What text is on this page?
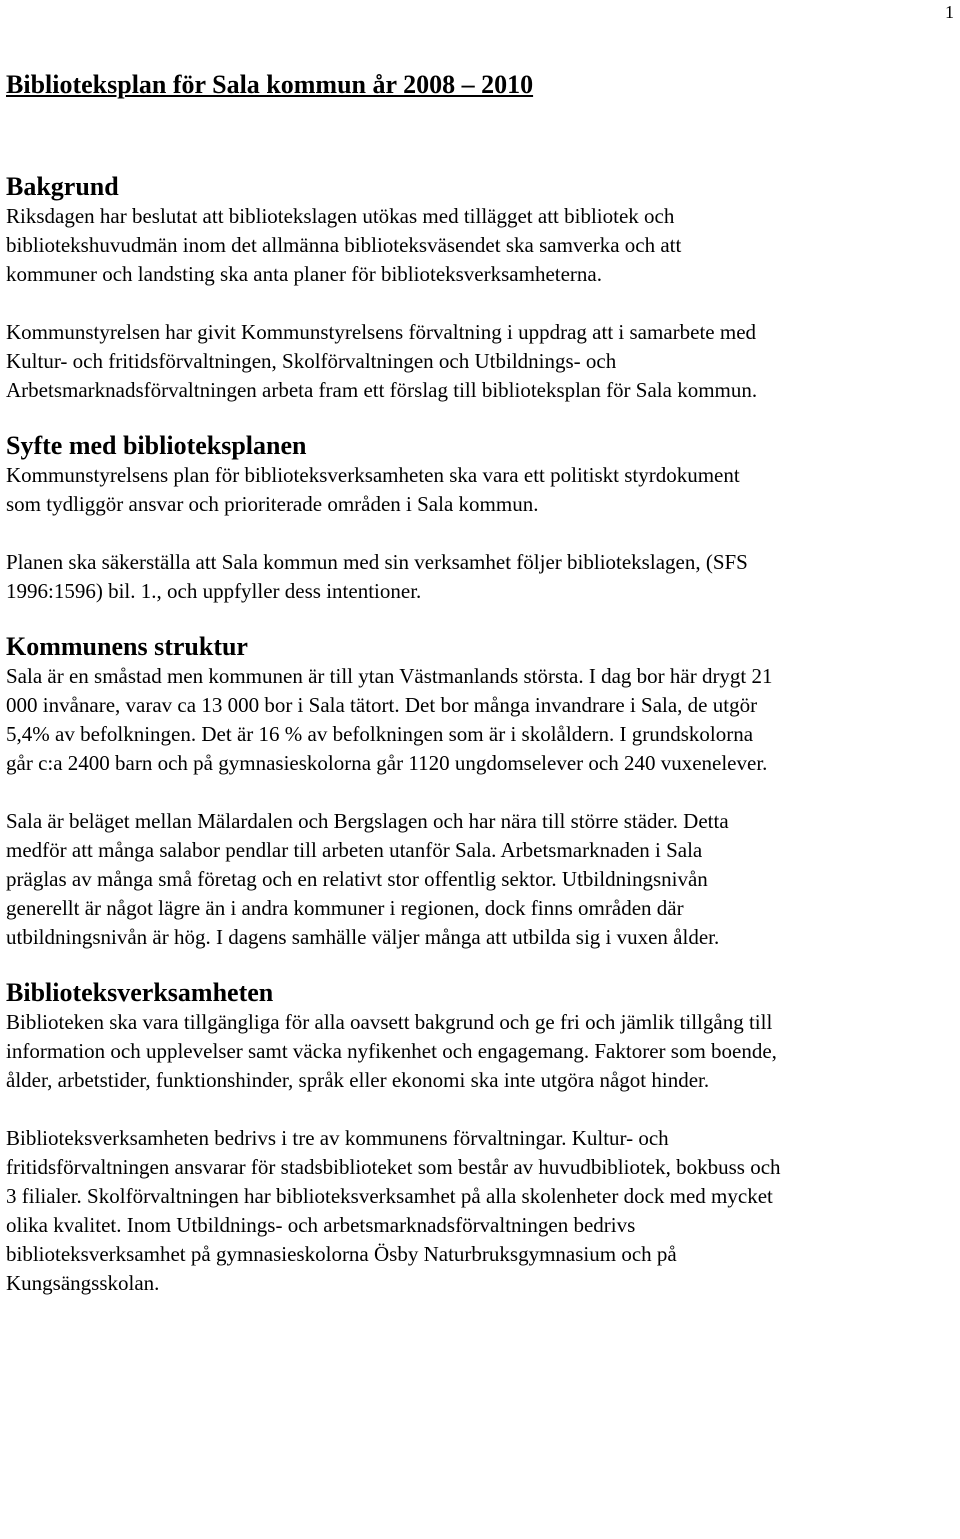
1
Biblioteksplan för Sala kommun år 2008 – 2010
Bakgrund

Riksdagen har beslutat att bibliotekslagen utökas med tillägget att bibliotek och bibliotekshuvudmän inom det allmänna biblioteksväsendet ska samverka och att kommuner och landsting ska anta planer för biblioteksverksamheterna.

Kommunstyrelsen har givit Kommunstyrelsens förvaltning i uppdrag att i samarbete med Kultur- och fritidsförvaltningen, Skolförvaltningen och Utbildnings- och Arbetsmarknadsförvaltningen arbeta fram ett förslag till biblioteksplan för Sala kommun.

Syfte med biblioteksplanen

Kommunstyrelsens plan för biblioteksverksamheten ska vara ett politiskt styrdokument som tydliggör ansvar och prioriterade områden i Sala kommun.

Planen ska säkerställa att Sala kommun med sin verksamhet följer bibliotekslagen, (SFS 1996:1596) bil. 1., och uppfyller dess intentioner.

Kommunens struktur

Sala är en småstad men kommunen är till ytan Västmanlands största. I dag bor här drygt 21 000 invånare, varav ca 13 000 bor i Sala tätort. Det bor många invandrare i Sala, de utgör 5,4% av befolkningen. Det är 16 % av befolkningen som är i skolåldern. I grundskolorna går c:a 2400 barn och på gymnasieskolorna går 1120 ungdomselever och 240 vuxenelever.

Sala är beläget mellan Mälardalen och Bergslagen och har nära till större städer. Detta medför att många salabor pendlar till arbeten utanför Sala. Arbetsmarknaden i Sala präglas av många små företag och en relativt stor offentlig sektor. Utbildningsnivån generellt är något lägre än i andra kommuner i regionen, dock finns områden där utbildningsnivån är hög. I dagens samhälle väljer många att utbilda sig i vuxen ålder.

Biblioteksverksamheten

Biblioteken ska vara tillgängliga för alla oavsett bakgrund och ge fri och jämlik tillgång till information och upplevelser samt väcka nyfikenhet och engagemang. Faktorer som boende, ålder, arbetstider, funktionshinder, språk eller ekonomi ska inte utgöra något hinder.

Biblioteksverksamheten bedrivs i tre av kommunens förvaltningar. Kultur- och fritidsförvaltningen ansvarar för stadsbiblioteket som består av huvudbibliotek, bokbuss och 3 filialer. Skolförvaltningen har biblioteksverksamhet på alla skolenheter dock med mycket olika kvalitet. Inom Utbildnings- och arbetsmarknadsförvaltningen bedrivs biblioteksverksamhet på gymnasieskolorna Ösby Naturbruksgymnasium och på Kungsängsskolan.
